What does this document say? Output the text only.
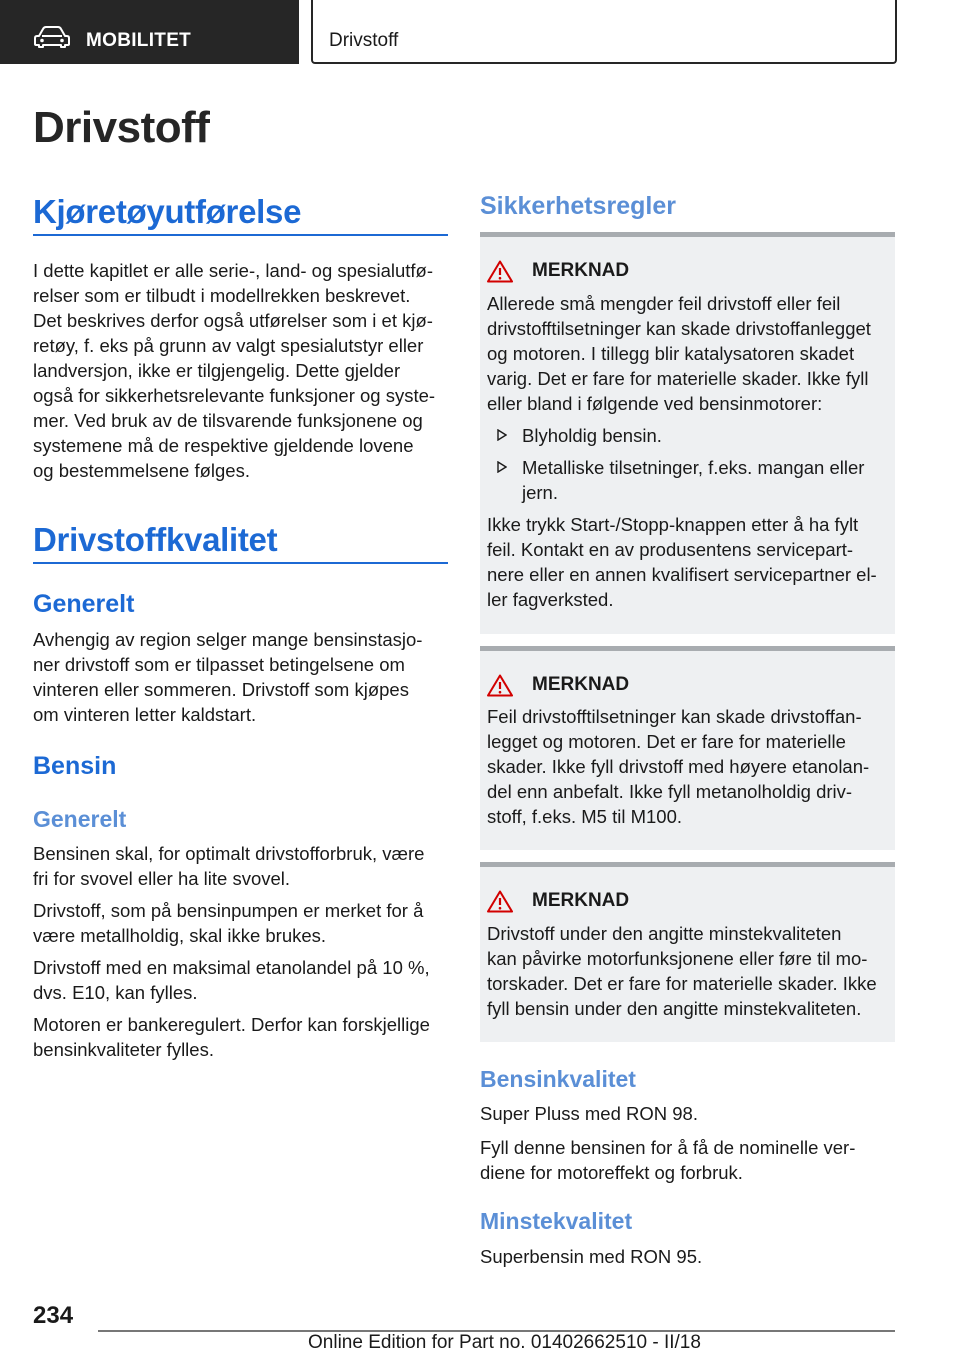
MOBILITET	Drivstoff
Drivstoff
Kjøretøyutførelse

I dette kapitlet er alle serie-, land- og spesialutfø-
relser som er tilbudt i modellrekken beskrevet.
Det beskrives derfor også utførelser som i et kjø-
retøy, f. eks på grunn av valgt spesialutstyr eller
landversjon, ikke er tilgjengelig. Dette gjelder
også for sikkerhetsrelevante funksjoner og syste-
mer. Ved bruk av de tilsvarende funksjonene og
systemene må de respektive gjeldende lovene
og bestemmelsene følges.

Drivstoffkvalitet
Generelt

Avhengig av region selger mange bensinstasjo-
ner drivstoff som er tilpasset betingelsene om
vinteren eller sommeren. Drivstoff som kjøpes
om vinteren letter kaldstart.

Bensin
Generelt

Bensinen skal, for optimalt drivstofforbruk, være
fri for svovel eller ha lite svovel.

Drivstoff, som på bensinpumpen er merket for å
være metallholdig, skal ikke brukes.

Drivstoff med en maksimal etanolandel på 10 %,
dvs. E10, kan fylles.

Motoren er bankeregulert. Derfor kan forskjellige
bensinkvaliteter fylles.

Sikkerhetsregler
MERKNAD

Allerede små mengder feil drivstoff eller feil
drivstofftilsetninger kan skade drivstoffanlegget
og motoren. I tillegg blir katalysatoren skadet
varig. Det er fare for materielle skader. Ikke fyll
eller bland i følgende ved bensinmotorer:

Blyholdig bensin.
Metalliske tilsetninger, f.eks. mangan eller
jern.

Ikke trykk Start-/Stopp-knappen etter å ha fylt
feil. Kontakt en av produsentens servicepart-
nere eller en annen kvalifisert servicepartner el-
ler fagverksted.

MERKNAD

Feil drivstofftilsetninger kan skade drivstoffan-
legget og motoren. Det er fare for materielle
skader. Ikke fyll drivstoff med høyere etanolan-
del enn anbefalt. Ikke fyll metanolholdig driv-
stoff, f.eks. M5 til M100.

MERKNAD

Drivstoff under den angitte minstekvaliteten
kan påvirke motorfunksjonene eller føre til mo-
torskader. Det er fare for materielle skader. Ikke
fyll bensin under den angitte minstekvaliteten.

Bensinkvalitet

Super Pluss med RON 98.

Fyll denne bensinen for å få de nominelle ver-
diene for motoreffekt og forbruk.

Minstekvalitet

Superbensin med RON 95.

234
Online Edition for Part no. 01402662510 - II/18
